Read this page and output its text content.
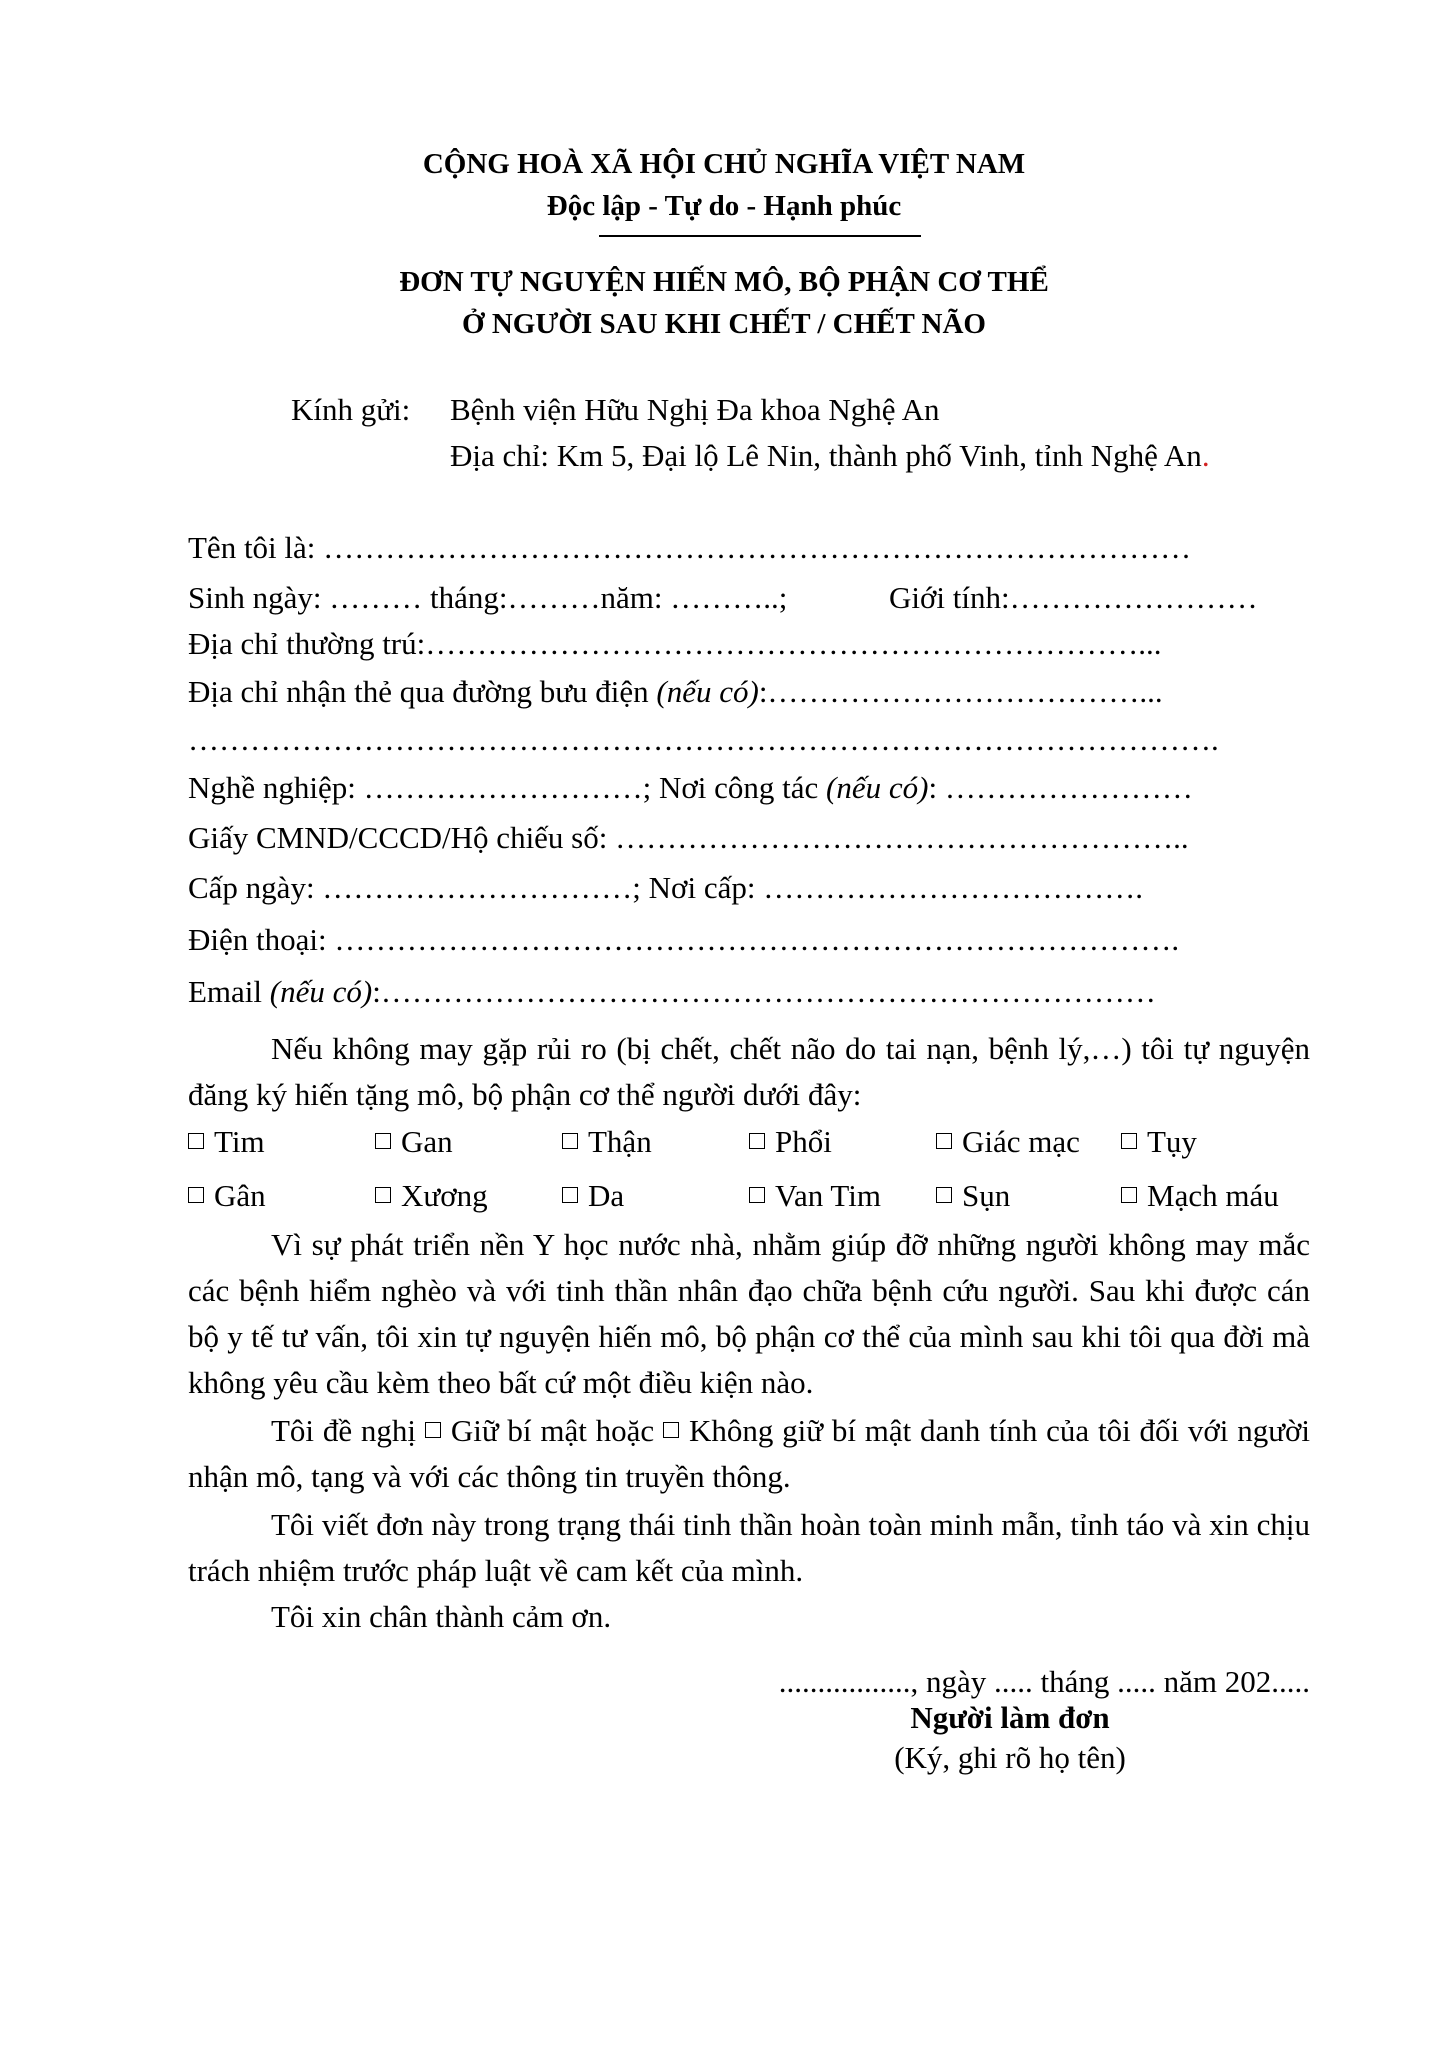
CỘNG HOÀ XÃ HỘI CHỦ NGHĨA VIỆT NAM
Độc lập - Tự do - Hạnh phúc
ĐƠN TỰ NGUYỆN HIẾN MÔ, BỘ PHẬN CƠ THỂ
Ở NGƯỜI SAU KHI CHẾT / CHẾT NÃO
Kính gửi: Bệnh viện Hữu Nghị Đa khoa Nghệ An
Địa chỉ: Km 5, Đại lộ Lê Nin, thành phố Vinh, tỉnh Nghệ An.
Tên tôi là: …………………………………………………………………………
Sinh ngày: ……… tháng:………năm: ………..;	Giới tính:……………………
Địa chỉ thường trú:……………………………………………………………...
Địa chỉ nhận thẻ qua đường bưu điện (nếu có):………………………………...
……………………………………………………………………………………….
Nghề nghiệp: ………………………; Nơi công tác (nếu có): ……………………
Giấy CMND/CCCD/Hộ chiếu số: ………………………………………………..
Cấp ngày: …………………………; Nơi cấp: ……………………………….
Điện thoại: ……………………………………………………………………….
Email (nếu có):…………………………………………………………………
Nếu không may gặp rủi ro (bị chết, chết não do tai nạn, bệnh lý,…) tôi tự nguyện đăng ký hiến tặng mô, bộ phận cơ thể người dưới đây:
Tim	Gan	Thận	Phổi	Giác mạc	Tụy
Gân	Xương	Da	Van Tim	Sụn	Mạch máu
Vì sự phát triển nền Y học nước nhà, nhằm giúp đỡ những người không may mắc các bệnh hiểm nghèo và với tinh thần nhân đạo chữa bệnh cứu người. Sau khi được cán bộ y tế tư vấn, tôi xin tự nguyện hiến mô, bộ phận cơ thể của mình sau khi tôi qua đời mà không yêu cầu kèm theo bất cứ một điều kiện nào.
Tôi đề nghị Giữ bí mật hoặc Không giữ bí mật danh tính của tôi đối với người nhận mô, tạng và với các thông tin truyền thông.
Tôi viết đơn này trong trạng thái tinh thần hoàn toàn minh mẫn, tỉnh táo và xin chịu trách nhiệm trước pháp luật về cam kết của mình.
Tôi xin chân thành cảm ơn.
................., ngày ..... tháng ..... năm 202.....
Người làm đơn
(Ký, ghi rõ họ tên)
